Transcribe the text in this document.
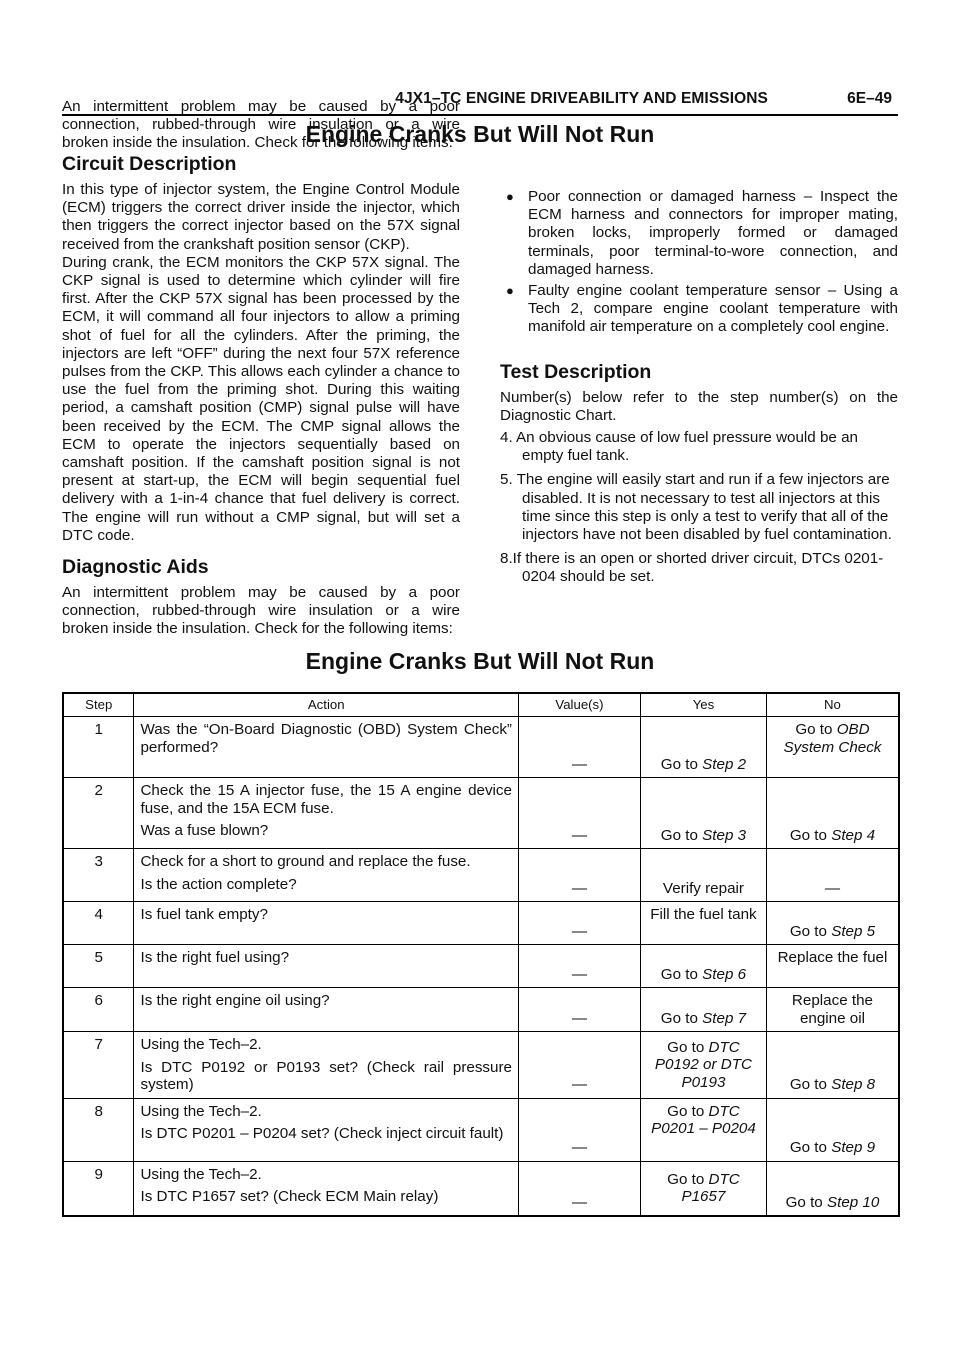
4JX1–TC ENGINE DRIVEABILITY AND EMISSIONS	6E–49
Engine Cranks But Will Not Run
Circuit Description

In this type of injector system, the Engine Control Module (ECM) triggers the correct driver inside the injector, which then triggers the correct injector based on the 57X signal received from the crankshaft position sensor (CKP).

During crank, the ECM monitors the CKP 57X signal. The CKP signal is used to determine which cylinder will fire first. After the CKP 57X signal has been processed by the ECM, it will command all four injectors to allow a priming shot of fuel for all the cylinders. After the priming, the injectors are left “OFF” during the next four 57X reference pulses from the CKP. This allows each cylinder a chance to use the fuel from the priming shot. During this waiting period, a camshaft position (CMP) signal pulse will have been received by the ECM. The CMP signal allows the ECM to operate the injectors sequentially based on camshaft position. If the camshaft position signal is not present at start-up, the ECM will begin sequential fuel delivery with a 1-in-4 chance that fuel delivery is correct. The engine will run without a CMP signal, but will set a DTC code.

Diagnostic Aids

An intermittent problem may be caused by a poor connection, rubbed-through wire insulation or a wire broken inside the insulation. Check for the following items:

An intermittent problem may be caused by a poor connection, rubbed-through wire insulation or a wire broken inside the insulation. Check for the following items:

● Poor connection or damaged harness – Inspect the ECM harness and connectors for improper mating, broken locks, improperly formed or damaged terminals, poor terminal-to-wore connection, and damaged harness.
● Faulty engine coolant temperature sensor – Using a Tech 2, compare engine coolant temperature with manifold air temperature on a completely cool engine.
Test Description

Number(s) below refer to the step number(s) on the Diagnostic Chart.

4. An obvious cause of low fuel pressure would be an empty fuel tank.

5. The engine will easily start and run if a few injectors are disabled. It is not necessary to test all injectors at this time since this step is only a test to verify that all of the injectors have not been disabled by fuel contamination.

8.If there is an open or shorted driver circuit, DTCs 0201-0204 should be set.

Engine Cranks But Will Not Run
Step	Action	Value(s)	Yes	No
1	Was the “On-Board Diagnostic (OBD) System Check” performed?	—	Go to Step 2	Go to OBD System Check
2	Check the 15 A injector fuse, the 15 A engine device fuse, and the 15A ECM fuse.
Was a fuse blown?	—	Go to Step 3	Go to Step 4
3	Check for a short to ground and replace the fuse.
Is the action complete?	—	Verify repair	—
4	Is fuel tank empty?	—	Fill the fuel tank	Go to Step 5
5	Is the right fuel using?	—	Go to Step 6	Replace the fuel
6	Is the right engine oil using?	—	Go to Step 7	Replace the engine oil
7	Using the Tech–2.
Is DTC P0192 or P0193 set? (Check rail pressure system)	—	Go to DTC P0192 or DTC P0193	Go to Step 8
8	Using the Tech–2.
Is DTC P0201 – P0204 set? (Check inject circuit fault)	—	Go to DTC P0201 – P0204	Go to Step 9
9	Using the Tech–2.
Is DTC P1657 set? (Check ECM Main relay)	—	Go to DTC P1657	Go to Step 10
